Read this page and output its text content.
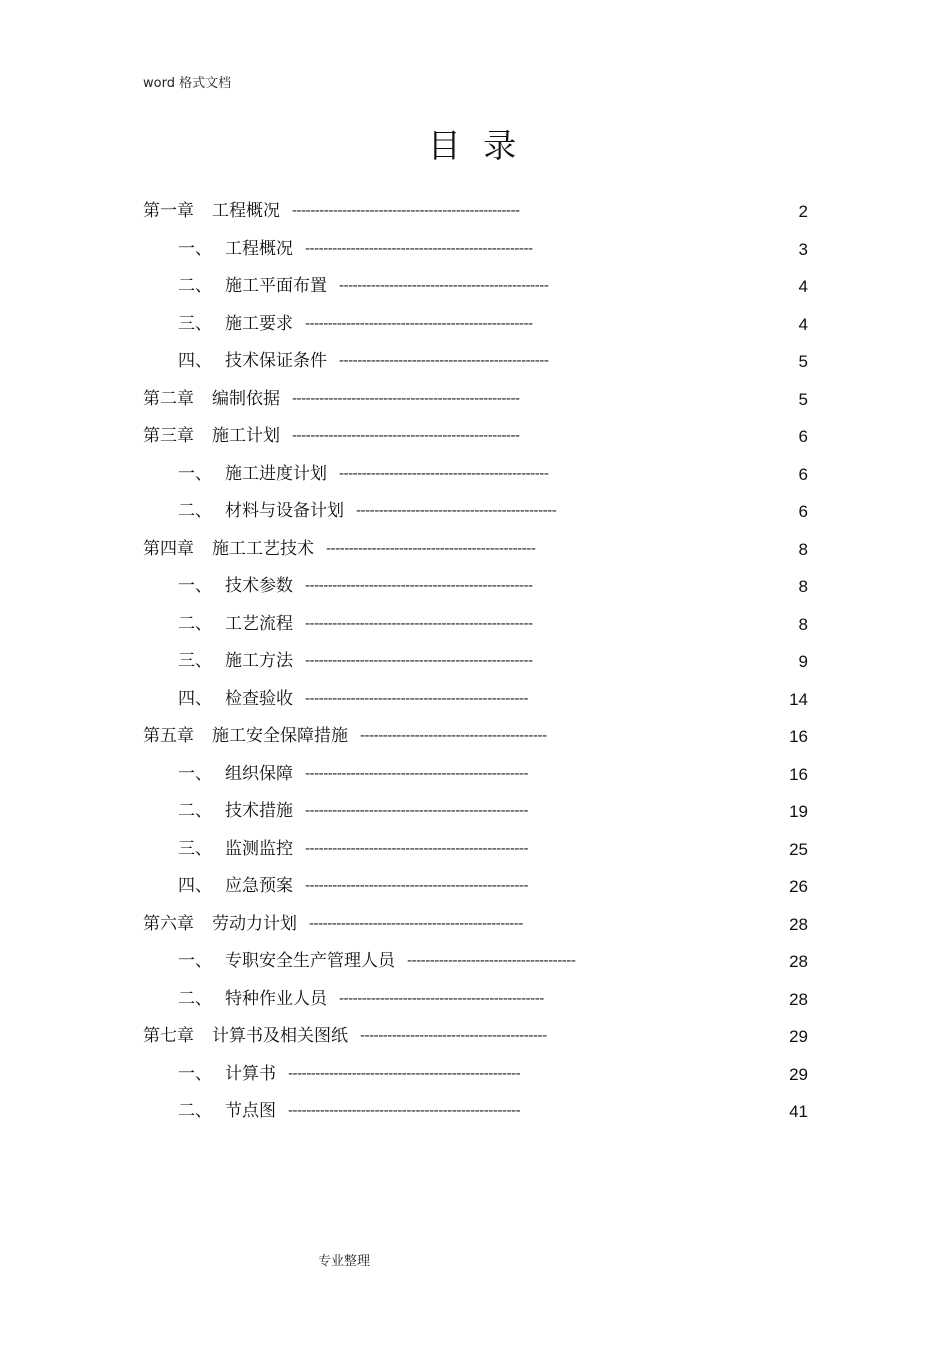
word 格式文档
目 录
第一章 工程概况 --------------------------------------------------	2
一、 工程概况 --------------------------------------------------	3
二、 施工平面布置 ----------------------------------------------	4
三、 施工要求 --------------------------------------------------	4
四、 技术保证条件 ----------------------------------------------	5
第二章 编制依据 --------------------------------------------------	5
第三章 施工计划 --------------------------------------------------	6
一、 施工进度计划 ----------------------------------------------	6
二、 材料与设备计划 --------------------------------------------	6
第四章 施工工艺技术 ----------------------------------------------	8
一、 技术参数 --------------------------------------------------	8
二、 工艺流程 --------------------------------------------------	8
三、 施工方法 --------------------------------------------------	9
四、 检查验收 -------------------------------------------------	14
第五章 施工安全保障措施 -----------------------------------------	16
一、 组织保障 -------------------------------------------------	16
二、 技术措施 -------------------------------------------------	19
三、 监测监控 -------------------------------------------------	25
四、 应急预案 -------------------------------------------------	26
第六章 劳动力计划 -----------------------------------------------	28
一、 专职安全生产管理人员 -------------------------------------	28
二、 特种作业人员 ---------------------------------------------	28
第七章 计算书及相关图纸 -----------------------------------------	29
一、 计算书 ---------------------------------------------------	29
二、 节点图 ---------------------------------------------------	41
专业整理
